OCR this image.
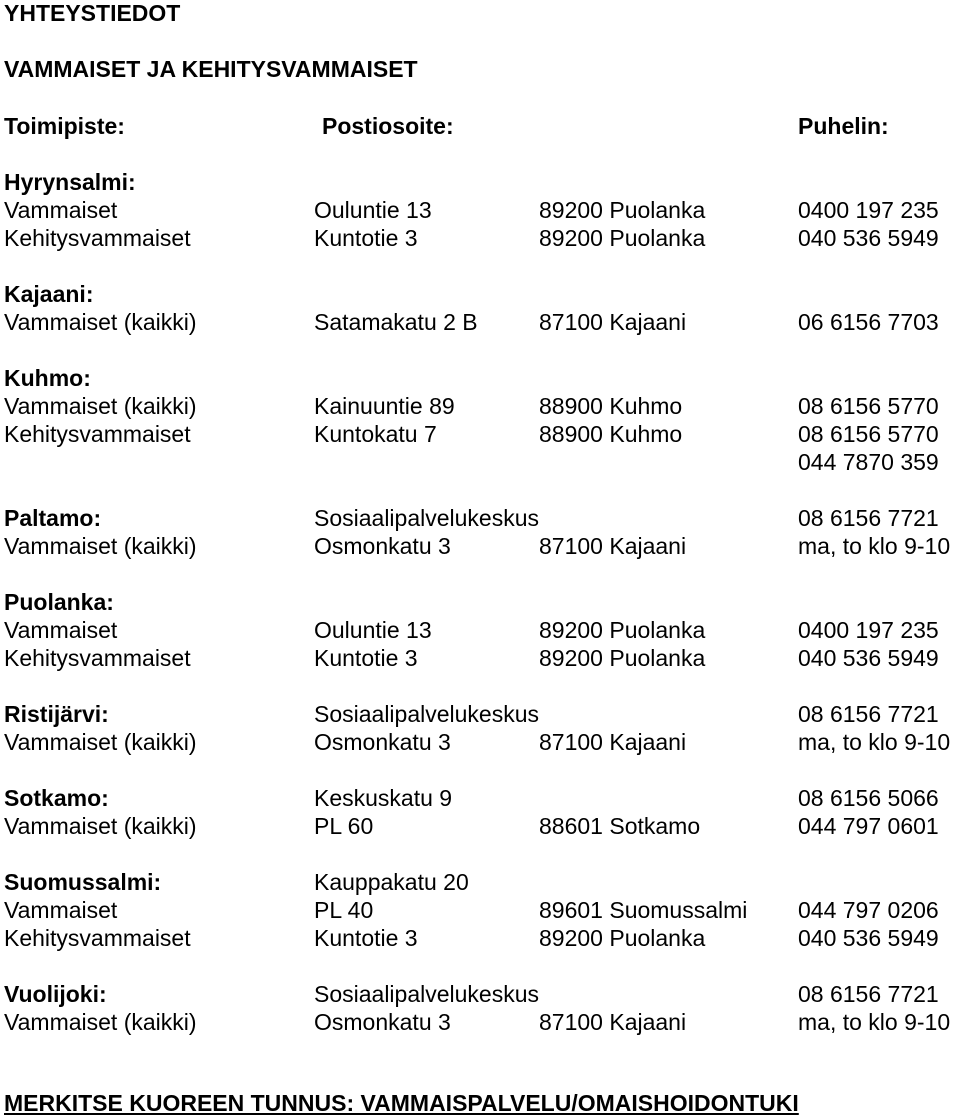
YHTEYSTIEDOT
VAMMAISET JA KEHITYSVAMMAISET
Toimipiste:	Postiosoite:	Puhelin:
Hyrynsalmi:
Vammaiset	Ouluntie 13	89200 Puolanka	0400 197 235
Kehitysvammaiset	Kuntotie 3	89200 Puolanka	040 536 5949
Kajaani:
Vammaiset (kaikki)	Satamakatu 2 B	87100 Kajaani	06 6156 7703
Kuhmo:
Vammaiset (kaikki)	Kainuuntie 89	88900 Kuhmo	08 6156 5770
Kehitysvammaiset	Kuntokatu 7	88900 Kuhmo	08 6156 5770
044 7870 359
Paltamo:	Sosiaalipalvelukeskus	08 6156 7721
Vammaiset (kaikki)	Osmonkatu 3	87100 Kajaani	ma, to klo 9-10
Puolanka:
Vammaiset	Ouluntie 13	89200 Puolanka	0400 197 235
Kehitysvammaiset	Kuntotie 3	89200 Puolanka	040 536 5949
Ristijärvi:	Sosiaalipalvelukeskus	08 6156 7721
Vammaiset (kaikki)	Osmonkatu 3	87100 Kajaani	ma, to klo 9-10
Sotkamo:	Keskuskatu 9	08 6156 5066
Vammaiset (kaikki)	PL 60	88601 Sotkamo	044 797 0601
Suomussalmi:	Kauppakatu 20
Vammaiset	PL 40	89601 Suomussalmi 044 797 0206
Kehitysvammaiset	Kuntotie 3	89200 Puolanka	040 536 5949
Vuolijoki:	Sosiaalipalvelukeskus	08 6156 7721
Vammaiset (kaikki)	Osmonkatu 3	87100 Kajaani	ma, to klo 9-10
MERKITSE KUOREEN TUNNUS: VAMMAISPALVELU/OMAISHOIDONTUKI
